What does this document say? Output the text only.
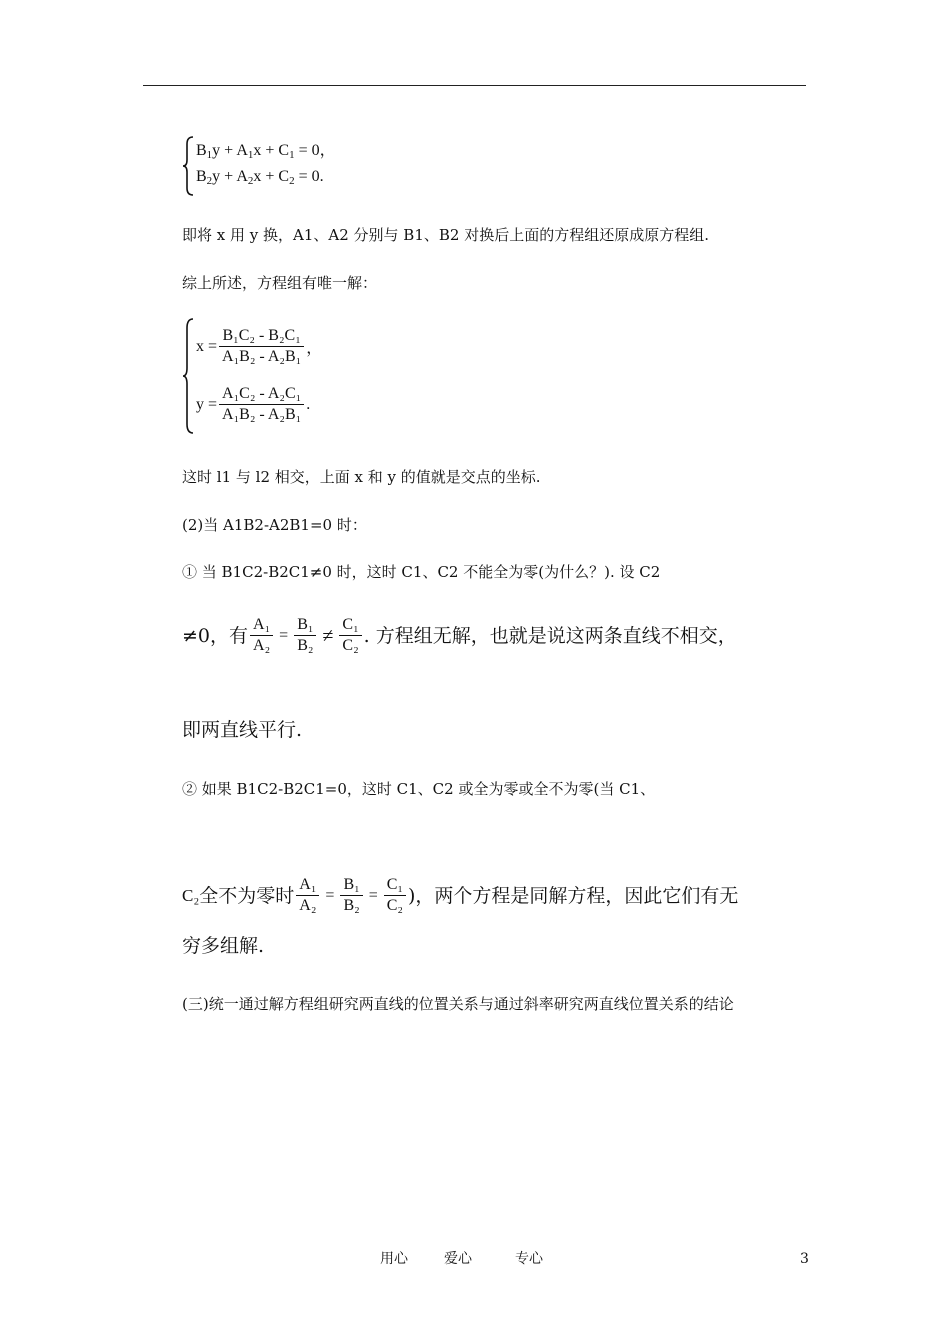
$B_1y + A_1x + C_1 = 0$，
$B_2y + A_2x + C_2 = 0$.
即将 x 用 y 换，A1、A2 分别与 B1、B2 对换后上面的方程组还原成原方程组.
综上所述，方程组有唯一解：
$x = \frac{\text{B₁C₂ - B₂C₁}}{\text{A₁B₂ - A₂B₁}}$ ，
$y = \frac{\text{A₁C₂ - A₂C₁}}{\text{A₁B₂ - A₂B₁}}$ .
这时 l1 与 l2 相交，上面 x 和 y 的值就是交点的坐标.
(2)当 A1B2-A2B1=0 时：
① 当 B1C2-B2C1≠0 时，这时 C1、C2 不能全为零(为什么？). 设 C2
≠0，有 $\frac{\text{A₁}}{\text{A₂}} = \frac{\text{B₁}}{\text{B₂}} \ne \frac{\text{C₁}}{\text{C₂}}$ . 方程组无解，也就是说这两条直线不相交，
即两直线平行.
② 如果 B1C2-B2C1=0，这时 C1、C2 或全为零或全不为零(当 C1、
C₂ 全不为零时 $\frac{\text{A₁}}{\text{A₂}} = \frac{\text{B₁}}{\text{B₂}} = \frac{\text{C₁}}{\text{C₂}}$ )，两个方程是同解方程，因此它们有无
穷多组解.
(三)统一通过解方程组研究两直线的位置关系与通过斜率研究两直线位置关系的结论
用心	爱心	专心	3
